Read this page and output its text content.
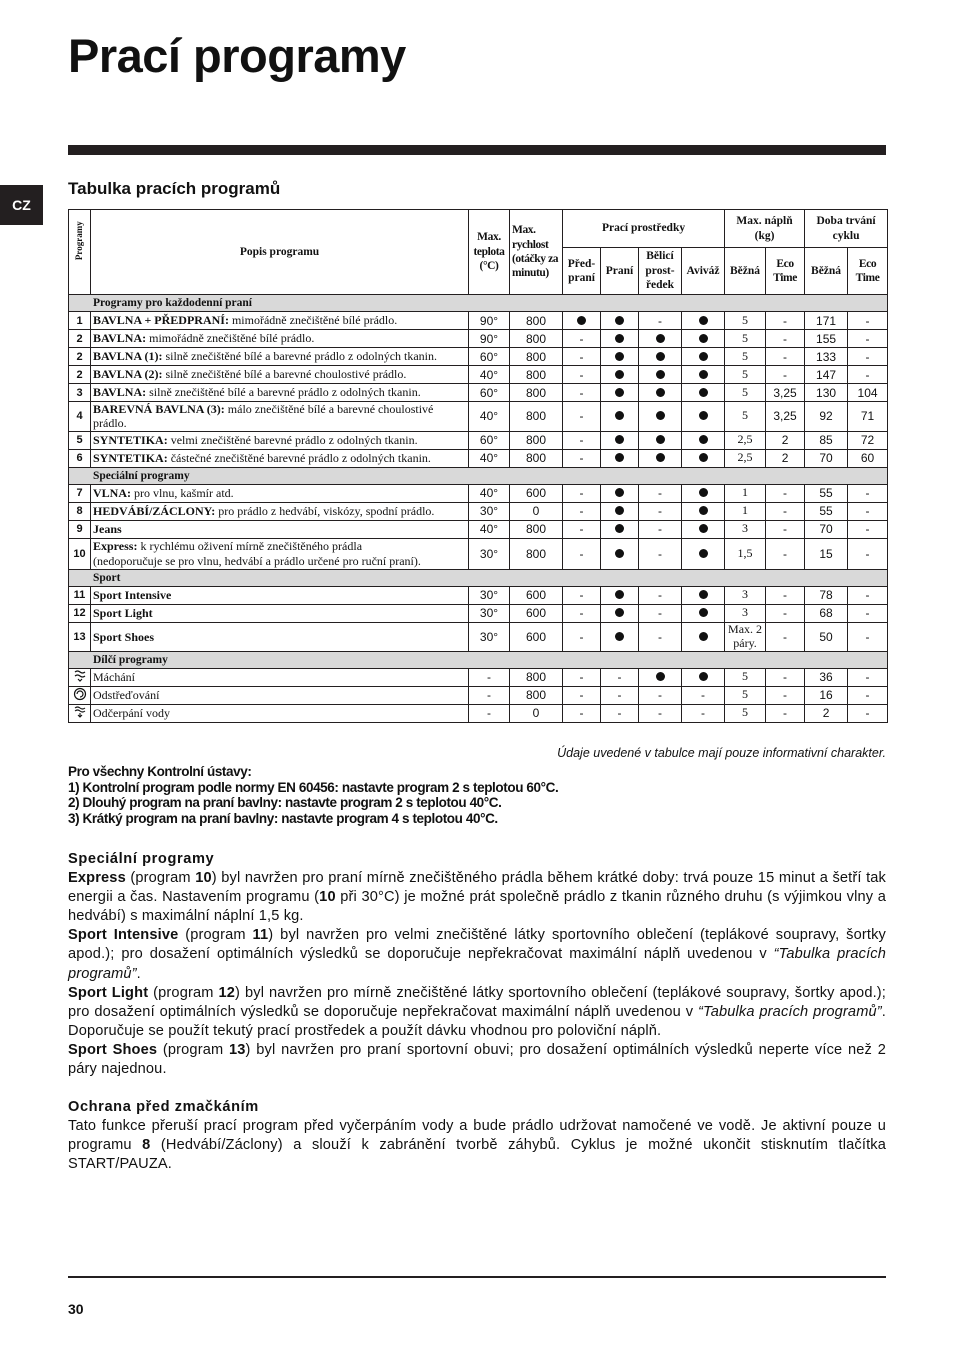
Prací programy
CZ
Tabulka pracích programů
Programy	Popis programu	Max. teplota (°C)	Max. rychlost (otáčky za minutu)	Prací prostředky				Max. náplň (kg)		Doba trvání cyklu	
				Před-praní	Praní	Bělicí prost-ředek	Aviváž	Běžná	Eco Time	Běžná	Eco Time
Programy pro každodenní praní											
1	BAVLNA + PŘEDPRANÍ: mimořádně znečištěné bílé prádlo.	90°	800			-		5	-	171	-
2	BAVLNA: mimořádně znečištěné bílé prádlo.	90°	800	-				5	-	155	-
2	BAVLNA (1): silně znečištěné bílé a barevné prádlo z odolných tkanin.	60°	800	-				5	-	133	-
2	BAVLNA (2): silně znečištěné bílé a barevné choulostivé prádlo.	40°	800	-				5	-	147	-
3	BAVLNA: silně znečištěné bílé a barevné prádlo z odolných tkanin.	60°	800	-				5	3,25	130	104
4	BAREVNÁ BAVLNA (3): málo znečištěné bílé a barevné choulostivé prádlo.	40°	800	-				5	3,25	92	71
5	SYNTETIKA: velmi znečištěné barevné prádlo z odolných tkanin.	60°	800	-				2,5	2	85	72
6	SYNTETIKA: částečné znečištěné barevné prádlo z odolných tkanin.	40°	800	-				2,5	2	70	60
Speciální programy											
7	VLNA: pro vlnu, kašmír atd.	40°	600	-		-		1	-	55	-
8	HEDVÁBÍ/ZÁCLONY: pro prádlo z hedvábí, viskózy, spodní prádlo.	30°	0	-		-		1	-	55	-
9	Jeans	40°	800	-		-		3	-	70	-
10	Express: k rychlému oživení mírně znečištěného prádla
(nedoporučuje se pro vlnu, hedvábí a prádlo určené pro ruční praní).	30°	800	-		-		1,5	-	15	-
Sport											
11	Sport Intensive	30°	600	-		-		3	-	78	-
12	Sport Light	30°	600	-		-		3	-	68	-
13	Sport Shoes	30°	600	-		-		Max. 2 páry.	-	50	-
Dílčí programy											
	Máchání	-	800	-	-			5	-	36	-
	Odstřeďování	-	800	-	-	-	-	5	-	16	-
	Odčerpání vody	-	0	-	-	-	-	5	-	2	-
Údaje uvedené v tabulce mají pouze informativní charakter.
Pro všechny Kontrolní ústavy:
1) Kontrolní program podle normy EN 60456: nastavte program 2 s teplotou 60°C.
2) Dlouhý program na praní bavlny: nastavte program 2 s teplotou 40°C.
3) Krátký program na praní bavlny: nastavte program 4 s teplotou 40°C.

Speciální programy

Express (program 10) byl navržen pro praní mírně znečištěného prádla během krátké doby: trvá pouze 15 minut a šetří tak energii a čas. Nastavením programu (10 při 30°C) je možné prát společně prádlo z tkanin různého druhu (s výjimkou vlny a hedvábí) s maximální náplní 1,5 kg.

Sport Intensive (program 11) byl navržen pro velmi znečištěné látky sportovního oblečení (teplákové soupravy, šortky apod.); pro dosažení optimálních výsledků se doporučuje nepřekračovat maximální náplň uvedenou v “Tabulka pracích programů”.

Sport Light (program 12) byl navržen pro mírně znečištěné látky sportovního oblečení (teplákové soupravy, šortky apod.); pro dosažení optimálních výsledků se doporučuje nepřekračovat maximální náplň uvedenou v “Tabulka pracích programů”. Doporučuje se použít tekutý prací prostředek a použít dávku vhodnou pro poloviční náplň.

Sport Shoes (program 13) byl navržen pro praní sportovní obuvi; pro dosažení optimálních výsledků neperte více než 2 páry najednou.

Ochrana před zmačkáním

Tato funkce přeruší prací program před vyčerpáním vody a bude prádlo udržovat namočené ve vodě. Je aktivní pouze u programu 8 (Hedvábí/Záclony) a slouží k zabránění tvorbě záhybů. Cyklus je možné ukončit stisknutím tlačítka START/PAUZA.

30
